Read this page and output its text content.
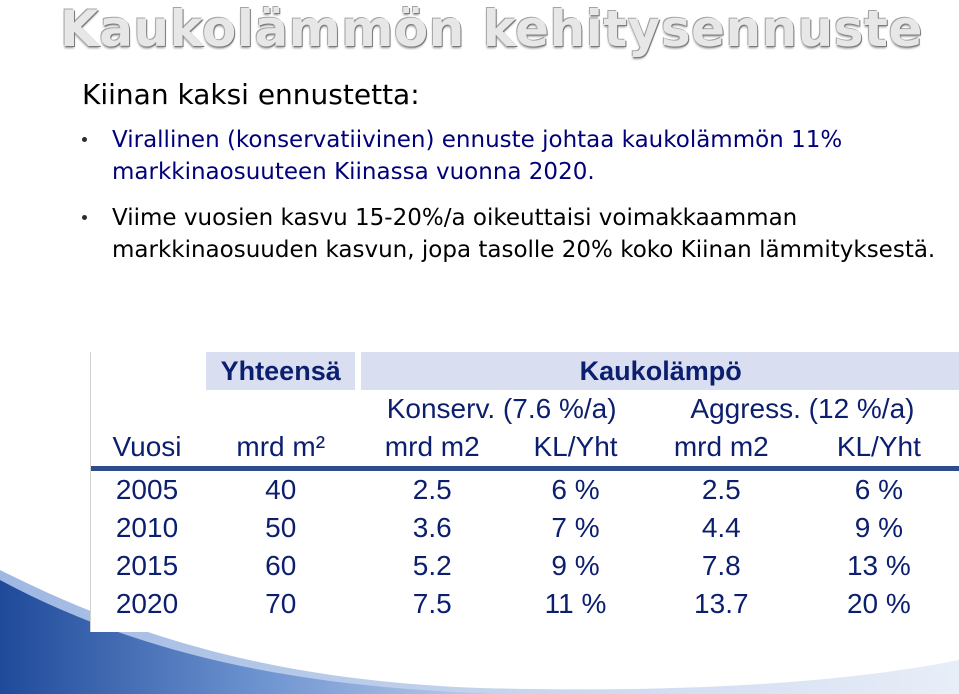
Kaukolämmön kehitysennuste
Kiinan kaksi ennustetta:
Virallinen (konservatiivinen) ennuste johtaa kaukolämmön 11% markkinaosuuteen Kiinassa vuonna 2020.
Viime vuosien kasvu 15-20%/a oikeuttaisi voimakkaamman markkinaosuuden kasvun, jopa tasolle 20% koko Kiinan lämmityksestä.
	Yhteensä	Kaukolämpö			
		Konserv. (7.6 %/a)		Aggress. (12 %/a)	
Vuosi	mrd m²	mrd m2	KL/Yht	mrd m2	KL/Yht
2005	40	2.5	6 %	2.5	6 %
2010	50	3.6	7 %	4.4	9 %
2015	60	5.2	9 %	7.8	13 %
2020	70	7.5	11 %	13.7	20 %
